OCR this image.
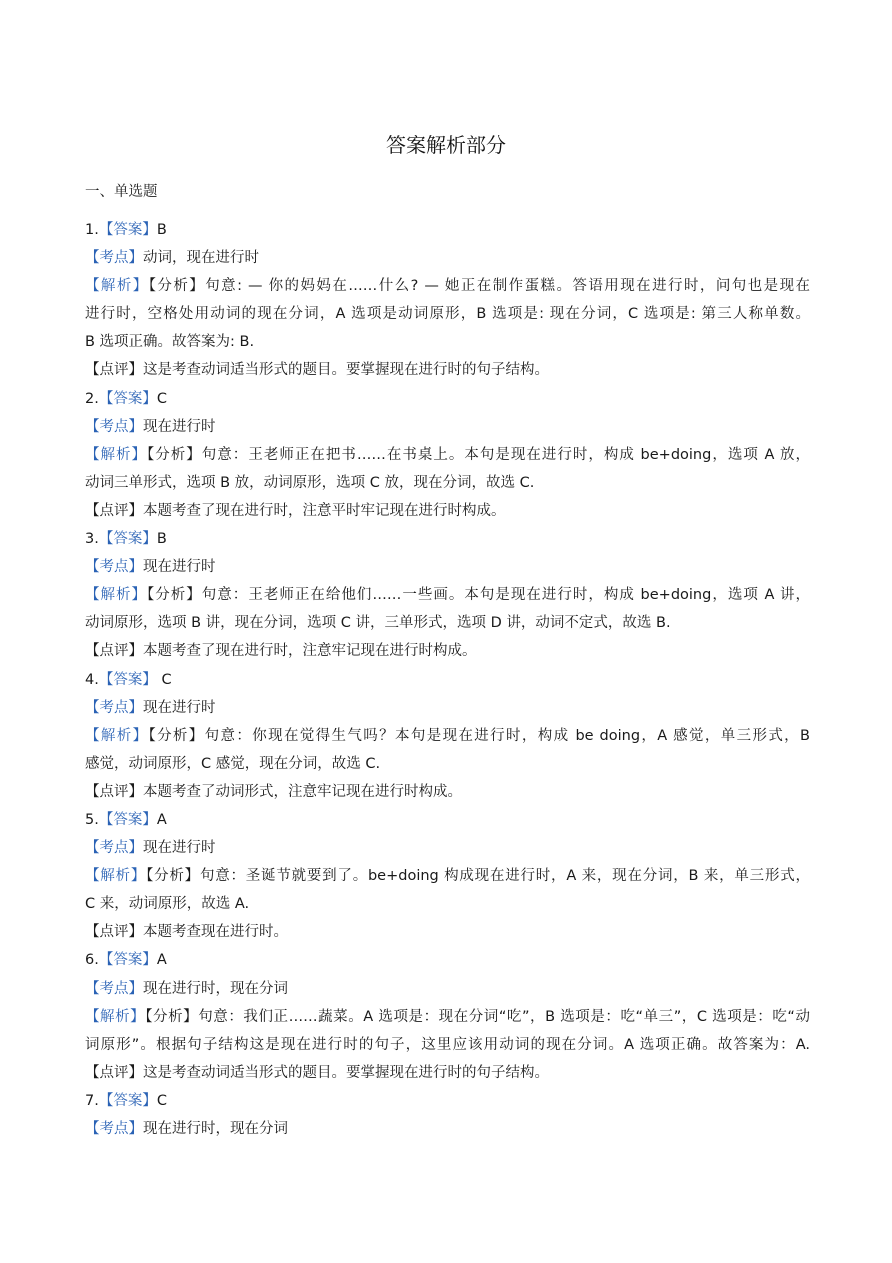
答案解析部分
一、单选题
1.【答案】B
【考点】动词，现在进行时
【解析】【分析】句意: — 你的妈妈在……什么? — 她正在制作蛋糕。答语用现在进行时，问句也是现在
进行时，空格处用动词的现在分词，A 选项是动词原形，B 选项是: 现在分词，C 选项是: 第三人称单数。
B 选项正确。故答案为: B.
【点评】这是考查动词适当形式的题目。要掌握现在进行时的句子结构。
2.【答案】C
【考点】现在进行时
【解析】【分析】句意：王老师正在把书……在书桌上。本句是现在进行时，构成 be+doing，选项 A 放，
动词三单形式，选项 B 放，动词原形，选项 C 放，现在分词，故选 C.
【点评】本题考查了现在进行时，注意平时牢记现在进行时构成。
3.【答案】B
【考点】现在进行时
【解析】【分析】句意：王老师正在给他们……一些画。本句是现在进行时，构成 be+doing，选项 A 讲，
动词原形，选项 B 讲，现在分词，选项 C 讲，三单形式，选项 D 讲，动词不定式，故选 B.
【点评】本题考查了现在进行时，注意牢记现在进行时构成。
4.【答案】 C
【考点】现在进行时
【解析】【分析】句意：你现在觉得生气吗？本句是现在进行时，构成 be doing，A 感觉，单三形式，B
感觉，动词原形，C 感觉，现在分词，故选 C.
【点评】本题考查了动词形式，注意牢记现在进行时构成。
5.【答案】A
【考点】现在进行时
【解析】【分析】句意：圣诞节就要到了。be+doing 构成现在进行时，A 来，现在分词，B 来，单三形式，
C 来，动词原形，故选 A.
【点评】本题考查现在进行时。
6.【答案】A
【考点】现在进行时，现在分词
【解析】【分析】句意：我们正……蔬菜。A 选项是：现在分词“吃”，B 选项是：吃“单三”，C 选项是：吃“动
词原形”。根据句子结构这是现在进行时的句子，这里应该用动词的现在分词。A 选项正确。故答案为：A.
【点评】这是考查动词适当形式的题目。要掌握现在进行时的句子结构。
7.【答案】C
【考点】现在进行时，现在分词
